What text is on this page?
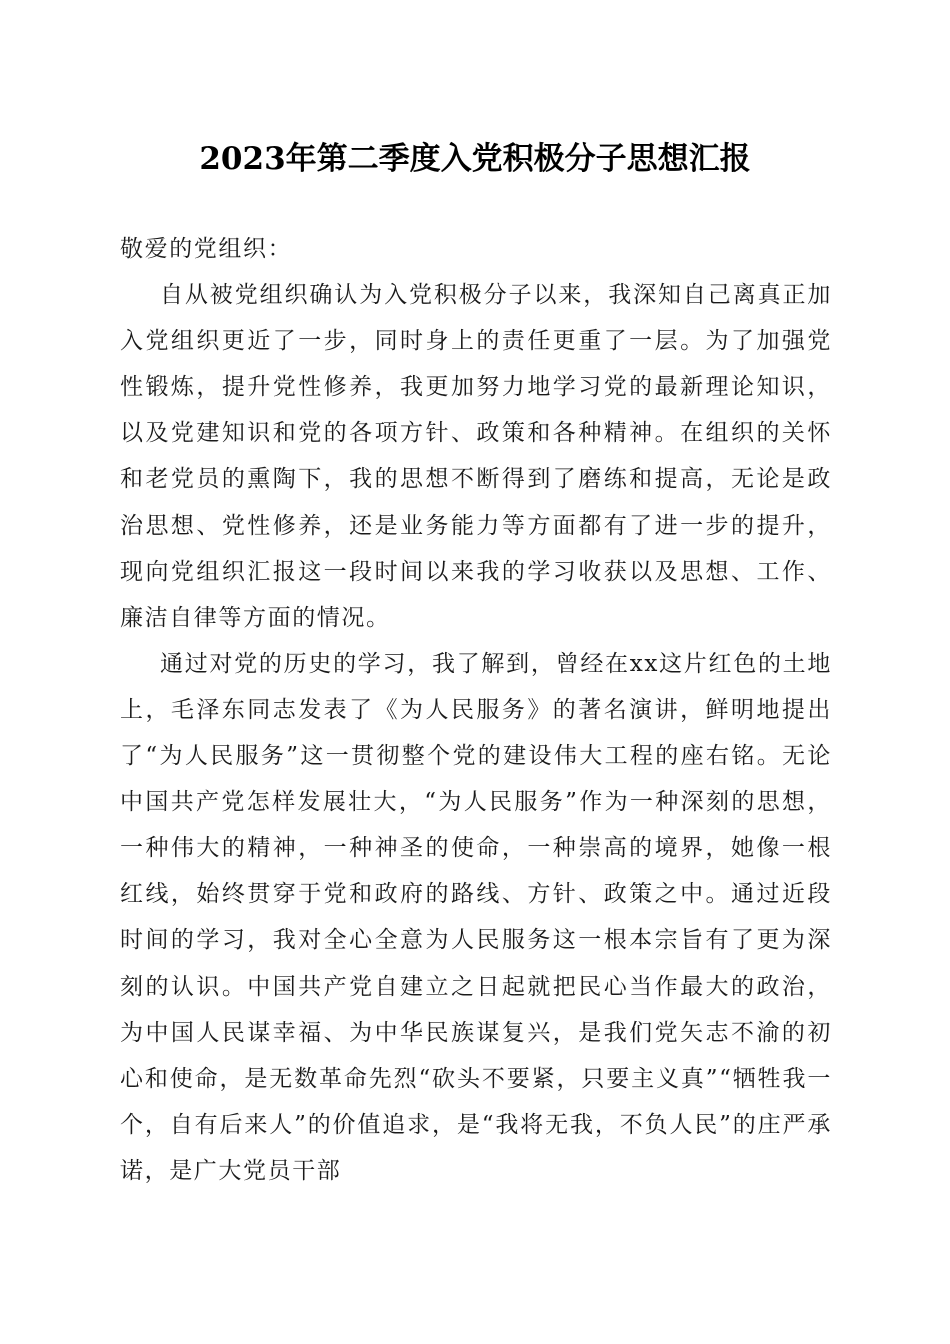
2023年第二季度入党积极分子思想汇报

敬爱的党组织：

自从被党组织确认为入党积极分子以来，我深知自己离真正加入党组织更近了一步，同时身上的责任更重了一层。为了加强党性锻炼，提升党性修养，我更加努力地学习党的最新理论知识，以及党建知识和党的各项方针、政策和各种精神。在组织的关怀和老党员的熏陶下，我的思想不断得到了磨练和提高，无论是政治思想、党性修养，还是业务能力等方面都有了进一步的提升，现向党组织汇报这一段时间以来我的学习收获以及思想、工作、廉洁自律等方面的情况。

通过对党的历史的学习，我了解到，曾经在xx这片红色的土地上，毛泽东同志发表了《为人民服务》的著名演讲，鲜明地提出了“为人民服务”这一贯彻整个党的建设伟大工程的座右铭。无论中国共产党怎样发展壮大，“为人民服务”作为一种深刻的思想，一种伟大的精神，一种神圣的使命，一种崇高的境界，她像一根红线，始终贯穿于党和政府的路线、方针、政策之中。通过近段时间的学习，我对全心全意为人民服务这一根本宗旨有了更为深刻的认识。中国共产党自建立之日起就把民心当作最大的政治，为中国人民谋幸福、为中华民族谋复兴，是我们党矢志不渝的初心和使命，是无数革命先烈“砍头不要紧，只要主义真”“牺牲我一个，自有后来人”的价值追求，是“我将无我，不负人民”的庄严承诺，是广大党员干部
